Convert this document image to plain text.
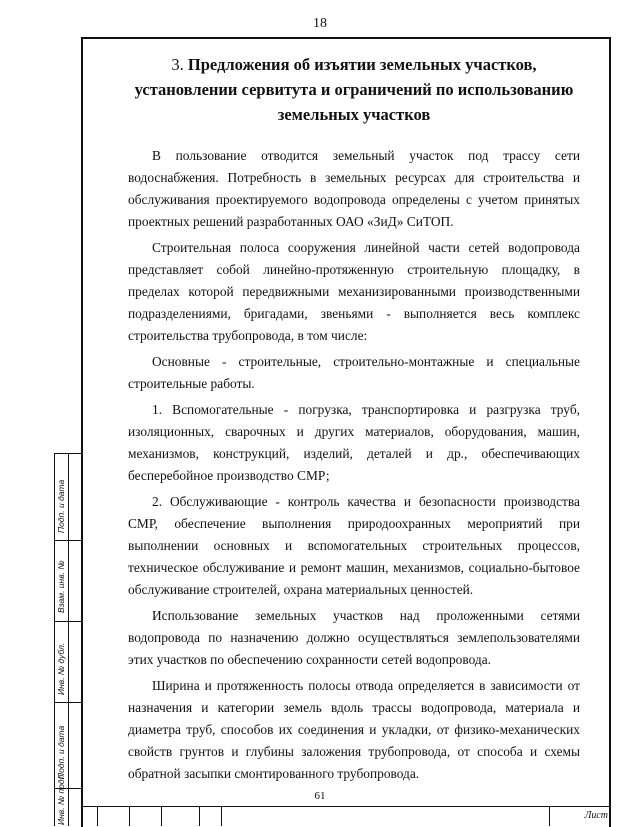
18
3. Предложения об изъятии земельных участков,
установлении сервитута и ограничений по использованию
земельных участков

В пользование отводится земельный участок под трассу сети водоснабжения. Потребность в земельных ресурсах для строительства и обслуживания проектируемого водопровода определены с учетом принятых проектных решений разработанных ОАО «ЗиД» СиТОП.

Строительная полоса сооружения линейной части сетей водопровода представляет собой линейно-протяженную строительную площадку, в пределах которой передвижными механизированными производственными подразделениями, бригадами, звеньями - выполняется весь комплекс строительства трубопровода, в том числе:

Основные - строительные, строительно-монтажные и специальные строительные работы.

1. Вспомогательные - погрузка, транспортировка и разгрузка труб, изоляционных, сварочных и других материалов, оборудования, машин, механизмов, конструкций, изделий, деталей и др., обеспечивающих бесперебойное производство СМР;

2. Обслуживающие - контроль качества и безопасности производства СМР, обеспечение выполнения природоохранных мероприятий при выполнении основных и вспомогательных строительных процессов, техническое обслуживание и ремонт машин, механизмов, социально-бытовое обслуживание строителей, охрана материальных ценностей.

Использование земельных участков над проложенными сетями водопровода по назначению должно осуществляться землепользователями этих участков по обеспечению сохранности сетей водопровода.

Ширина и протяженность полосы отвода определяется в зависимости от назначения и категории земель вдоль трассы водопровода, материала и диаметра труб, способов их соединения и укладки, от физико-механических свойств грунтов и глубины заложения трубопровода, от способа и схемы обратной засыпки смонтированного трубопровода.

61
Лист
Подп. и дата
Взам. инв. №
Инв. № дубл.
Подп. и дата
Инв. № подп
